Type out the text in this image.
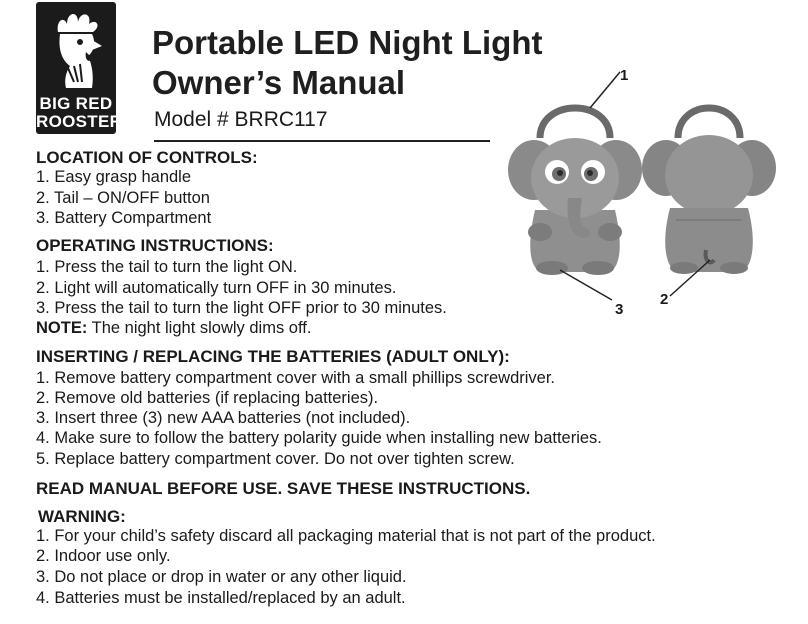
BIG RED
ROOSTER
Portable LED Night Light
Owner’s Manual
Model # BRRC117
LOCATION OF CONTROLS:
1. Easy grasp handle
2. Tail – ON/OFF button
3. Battery Compartment
OPERATING INSTRUCTIONS:
1. Press the tail to turn the light ON.
2. Light will automatically turn OFF in 30 minutes.
3. Press the tail to turn the light OFF prior to 30 minutes.
NOTE: The night light slowly dims off.
INSERTING / REPLACING THE BATTERIES (ADULT ONLY):
1. Remove battery compartment cover with a small phillips screwdriver.
2. Remove old batteries (if replacing batteries).
3. Insert three (3) new AAA batteries (not included).
4. Make sure to follow the battery polarity guide when installing new batteries.
5. Replace battery compartment cover. Do not over tighten screw.
READ MANUAL BEFORE USE. SAVE THESE INSTRUCTIONS.
WARNING:
1. For your child’s safety discard all packaging material that is not part of the product.
2. Indoor use only.
3. Do not place or drop in water or any other liquid.
4. Batteries must be installed/replaced by an adult.
1
3
2
